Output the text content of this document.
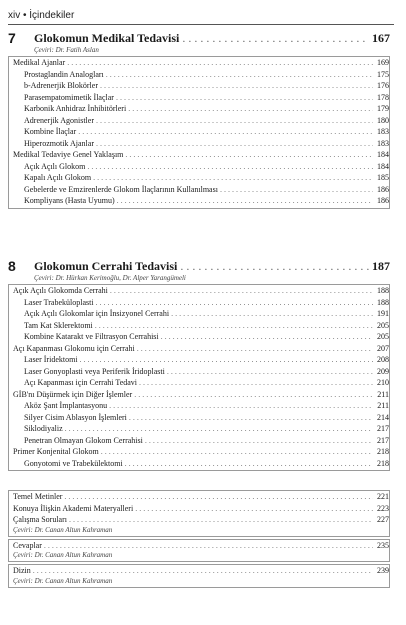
xiv • İçindekiler
7 Glokomun Medikal Tedavisi . . .	167
Çeviri: Dr. Fatih Aslan
Medikal Ajanlar . . .	169
Prostaglandin Analogları . . .	175
b-Adrenerjik Blokörler . . .	176
Parasempatomimetik İlaçlar . . .	178
Karbonik Anhidraz İnhibitörleri . . .	179
Adrenerjik Agonistler . . .	180
Kombine İlaçlar . . .	183
Hiperozmotik Ajanlar . . .	183
Medikal Tedaviye Genel Yaklaşım . . .	184
Açık Açılı Glokom . . .	184
Kapalı Açılı Glokom . . .	185
Gebelerde ve Emzirenlerde Glokom İlaçlarının Kullanılması . . .	186
Kompliyans (Hasta Uyumu) . . .	186
8 Glokomun Cerrahi Tedavisi . . .	187
Çeviri: Dr. Hürkan Kerimoğlu, Dr. Alper Yarangümeli
Açık Açılı Glokomda Cerrahi . . .	188
Laser Trabeküloplasti . . .	188
Açık Açılı Glokomlar için İnsizyonel Cerrahi . . .	191
Tam Kat Sklerektomi . . .	205
Kombine Katarakt ve Filtrasyon Cerrahisi . . .	205
Açı Kapanması Glokomu için Cerrahi . . .	207
Laser İridektomi . . .	208
Laser Gonyoplasti veya Periferik İridoplasti . . .	209
Açı Kapanması için Cerrahi Tedavi . . .	210
GİB'nı Düşürmek için Diğer İşlemler . . .	211
Aköz Şant İmplantasyonu . . .	211
Silyer Cisim Ablasyon İşlemleri . . .	214
Siklodiyaliz . . .	217
Penetran Olmayan Glokom Cerrahisi . . .	217
Primer Konjenital Glokom . . .	218
Gonyotomi ve Trabekülektomi . . .	218
Temel Metinler . . .	221
Konuya İlişkin Akademi Materyalleri . . .	223
Çalışma Soruları . . .	227
Çeviri: Dr. Canan Altun Kahraman
Cevaplar . . .	235
Çeviri: Dr. Canan Altun Kahraman
Dizin . . .	239
Çeviri: Dr. Canan Altun Kahraman
